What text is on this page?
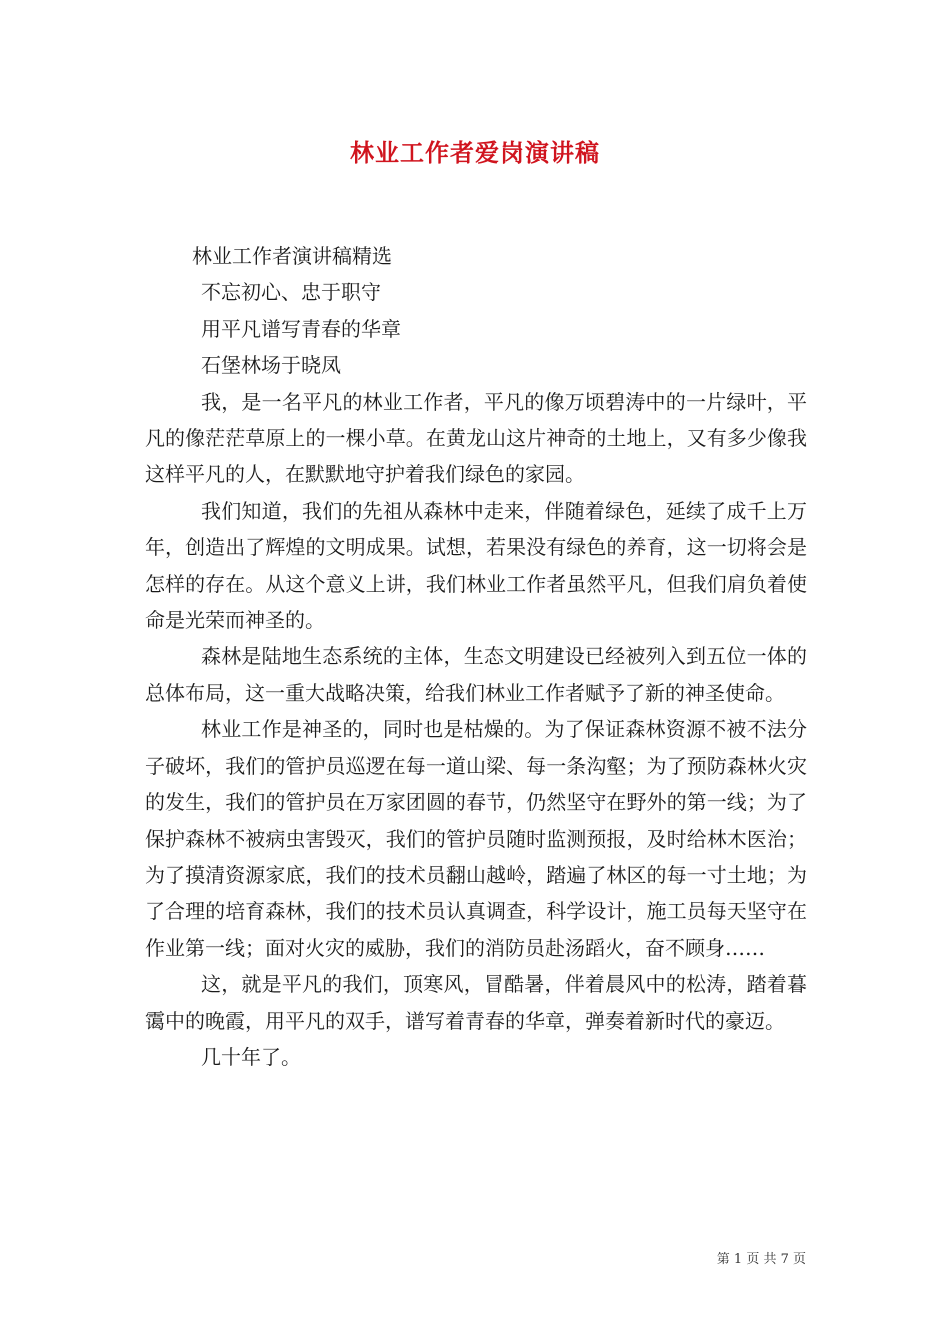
林业工作者爱岗演讲稿

林业工作者演讲稿精选

不忘初心、忠于职守

用平凡谱写青春的华章

石堡林场于晓凤

我，是一名平凡的林业工作者，平凡的像万顷碧涛中的一片绿叶，平凡的像茫茫草原上的一棵小草。在黄龙山这片神奇的土地上，又有多少像我这样平凡的人，在默默地守护着我们绿色的家园。

我们知道，我们的先祖从森林中走来，伴随着绿色，延续了成千上万年，创造出了辉煌的文明成果。试想，若果没有绿色的养育，这一切将会是怎样的存在。从这个意义上讲，我们林业工作者虽然平凡，但我们肩负着使命是光荣而神圣的。

森林是陆地生态系统的主体，生态文明建设已经被列入到五位一体的总体布局，这一重大战略决策，给我们林业工作者赋予了新的神圣使命。

林业工作是神圣的，同时也是枯燥的。为了保证森林资源不被不法分子破坏，我们的管护员巡逻在每一道山梁、每一条沟壑；为了预防森林火灾的发生，我们的管护员在万家团圆的春节，仍然坚守在野外的第一线；为了保护森林不被病虫害毁灭，我们的管护员随时监测预报，及时给林木医治；为了摸清资源家底，我们的技术员翻山越岭，踏遍了林区的每一寸土地；为了合理的培育森林，我们的技术员认真调查，科学设计，施工员每天坚守在作业第一线；面对火灾的威胁，我们的消防员赴汤蹈火，奋不顾身……

这，就是平凡的我们，顶寒风，冒酷暑，伴着晨风中的松涛，踏着暮霭中的晚霞，用平凡的双手，谱写着青春的华章，弹奏着新时代的豪迈。

几十年了。

第 1 页 共 7 页
